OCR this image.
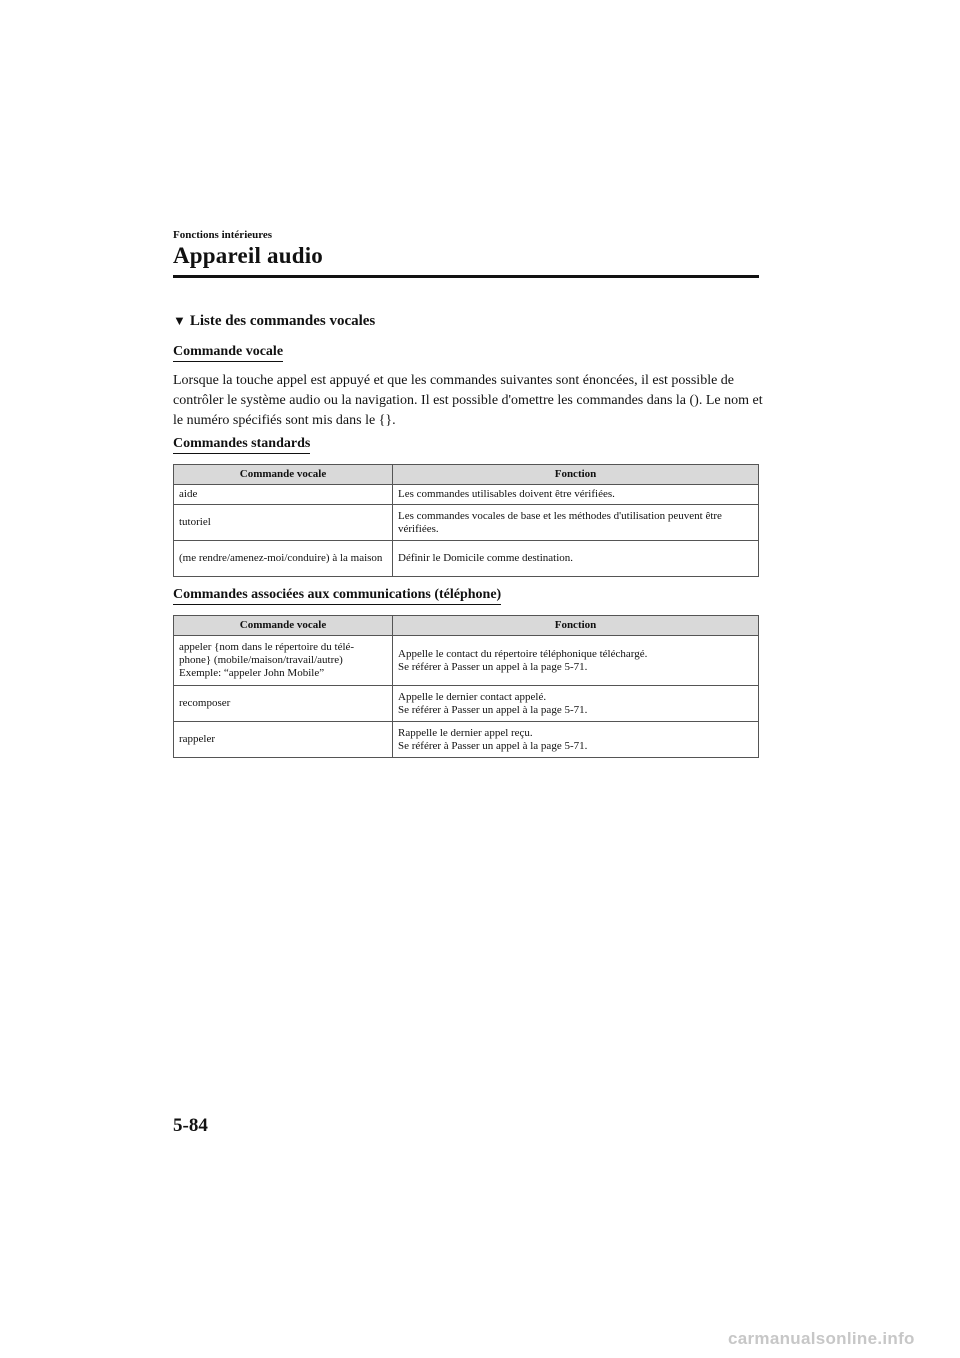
Fonctions intérieures
Appareil audio
▼ Liste des commandes vocales
Commande vocale
Lorsque la touche appel est appuyé et que les commandes suivantes sont énoncées, il est possible de contrôler le système audio ou la navigation. Il est possible d'omettre les commandes dans la (). Le nom et le numéro spécifiés sont mis dans le {}.
Commandes standards
Commande vocale	Fonction
aide	Les commandes utilisables doivent être vérifiées.
tutoriel	Les commandes vocales de base et les méthodes d'utilisation peuvent être vérifiées.
(me rendre/amenez-moi/conduire) à la maison	Définir le Domicile comme destination.
Commandes associées aux communications (téléphone)
Commande vocale	Fonction
appeler {nom dans le répertoire du télé-
phone} (mobile/maison/travail/autre)
Exemple: “appeler John Mobile”	Appelle le contact du répertoire téléphonique téléchargé.
Se référer à Passer un appel à la page 5-71.
recomposer	Appelle le dernier contact appelé.
Se référer à Passer un appel à la page 5-71.
rappeler	Rappelle le dernier appel reçu.
Se référer à Passer un appel à la page 5-71.
5-84
carmanualsonline.info
